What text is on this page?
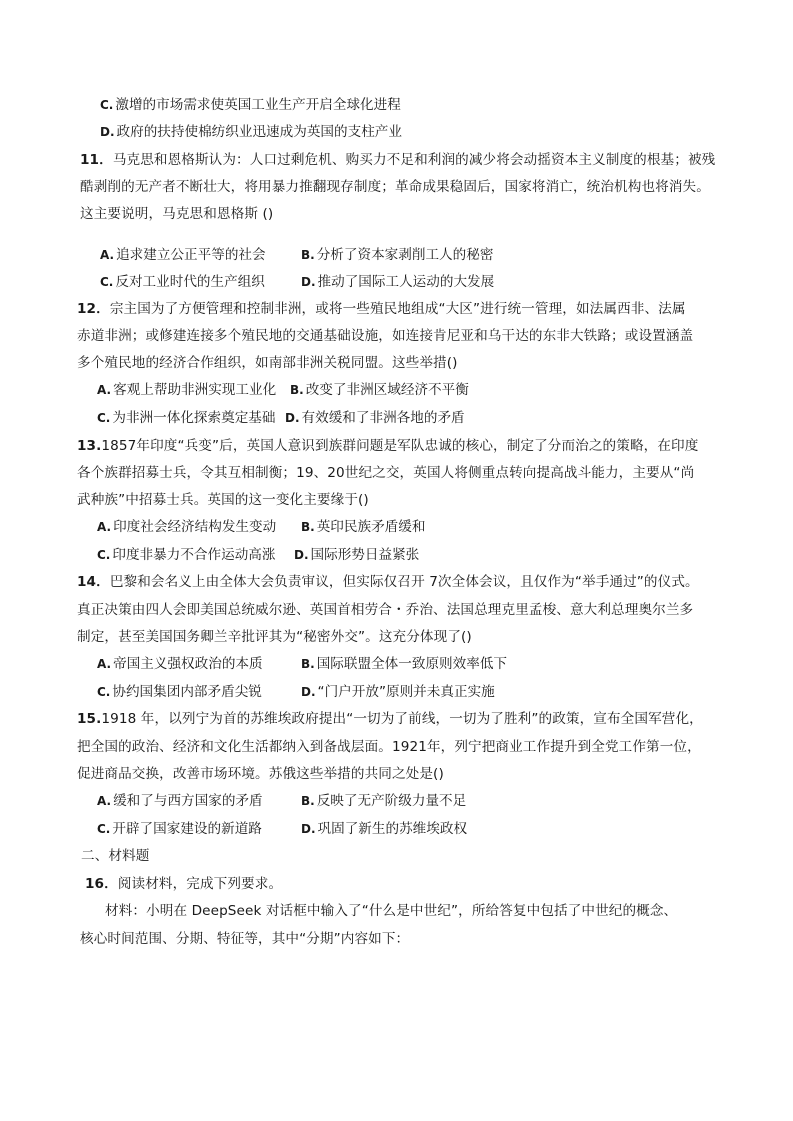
C. 激增的市场需求使英国工业生产开启全球化进程
D. 政府的扶持使棉纺织业迅速成为英国的支柱产业
11．马克思和恩格斯认为：人口过剩危机、购买力不足和利润的减少将会动摇资本主义制度的根基；被残
酷剥削的无产者不断壮大，将用暴力推翻现存制度；革命成果稳固后，国家将消亡，统治机构也将消失。
这主要说明，马克思和恩格斯 ()
A. 追求建立公正平等的社会	B. 分析了资本家剥削工人的秘密
C. 反对工业时代的生产组织	D. 推动了国际工人运动的大发展
12．宗主国为了方便管理和控制非洲，或将一些殖民地组成“大区”进行统一管理，如法属西非、法属
赤道非洲；或修建连接多个殖民地的交通基础设施，如连接肯尼亚和乌干达的东非大铁路；或设置涵盖
多个殖民地的经济合作组织，如南部非洲关税同盟。这些举措()
A. 客观上帮助非洲实现工业化 B. 改变了非洲区域经济不平衡
C. 为非洲一体化探索奠定基础 D. 有效缓和了非洲各地的矛盾
13.1857年印度“兵变”后，英国人意识到族群问题是军队忠诚的核心，制定了分而治之的策略，在印度
各个族群招募士兵，令其互相制衡；19、20世纪之交，英国人将侧重点转向提高战斗能力，主要从“尚
武种族”中招募士兵。英国的这一变化主要缘于()
A. 印度社会经济结构发生变动 B. 英印民族矛盾缓和
C. 印度非暴力不合作运动高涨 D. 国际形势日益紧张
14．巴黎和会名义上由全体大会负责审议，但实际仅召开 7次全体会议，且仅作为“举手通过”的仪式。
真正决策由四人会即美国总统威尔逊、英国首相劳合・乔治、法国总理克里孟梭、意大利总理奥尔兰多
制定，甚至美国国务卿兰辛批评其为“秘密外交”。这充分体现了()
A. 帝国主义强权政治的本质	B. 国际联盟全体一致原则效率低下
C. 协约国集团内部矛盾尖锐	D. “门户开放”原则并未真正实施
15.1918 年，以列宁为首的苏维埃政府提出“一切为了前线，一切为了胜利”的政策，宣布全国军营化，
把全国的政治、经济和文化生活都纳入到备战层面。1921年，列宁把商业工作提升到全党工作第一位，
促进商品交换，改善市场环境。苏俄这些举措的共同之处是()
A. 缓和了与西方国家的矛盾	B. 反映了无产阶级力量不足
C. 开辟了国家建设的新道路	D. 巩固了新生的苏维埃政权
二、材料题
16．阅读材料，完成下列要求。
材料：小明在 DeepSeek 对话框中输入了“什么是中世纪”，所给答复中包括了中世纪的概念、
核心时间范围、分期、特征等，其中“分期”内容如下：
